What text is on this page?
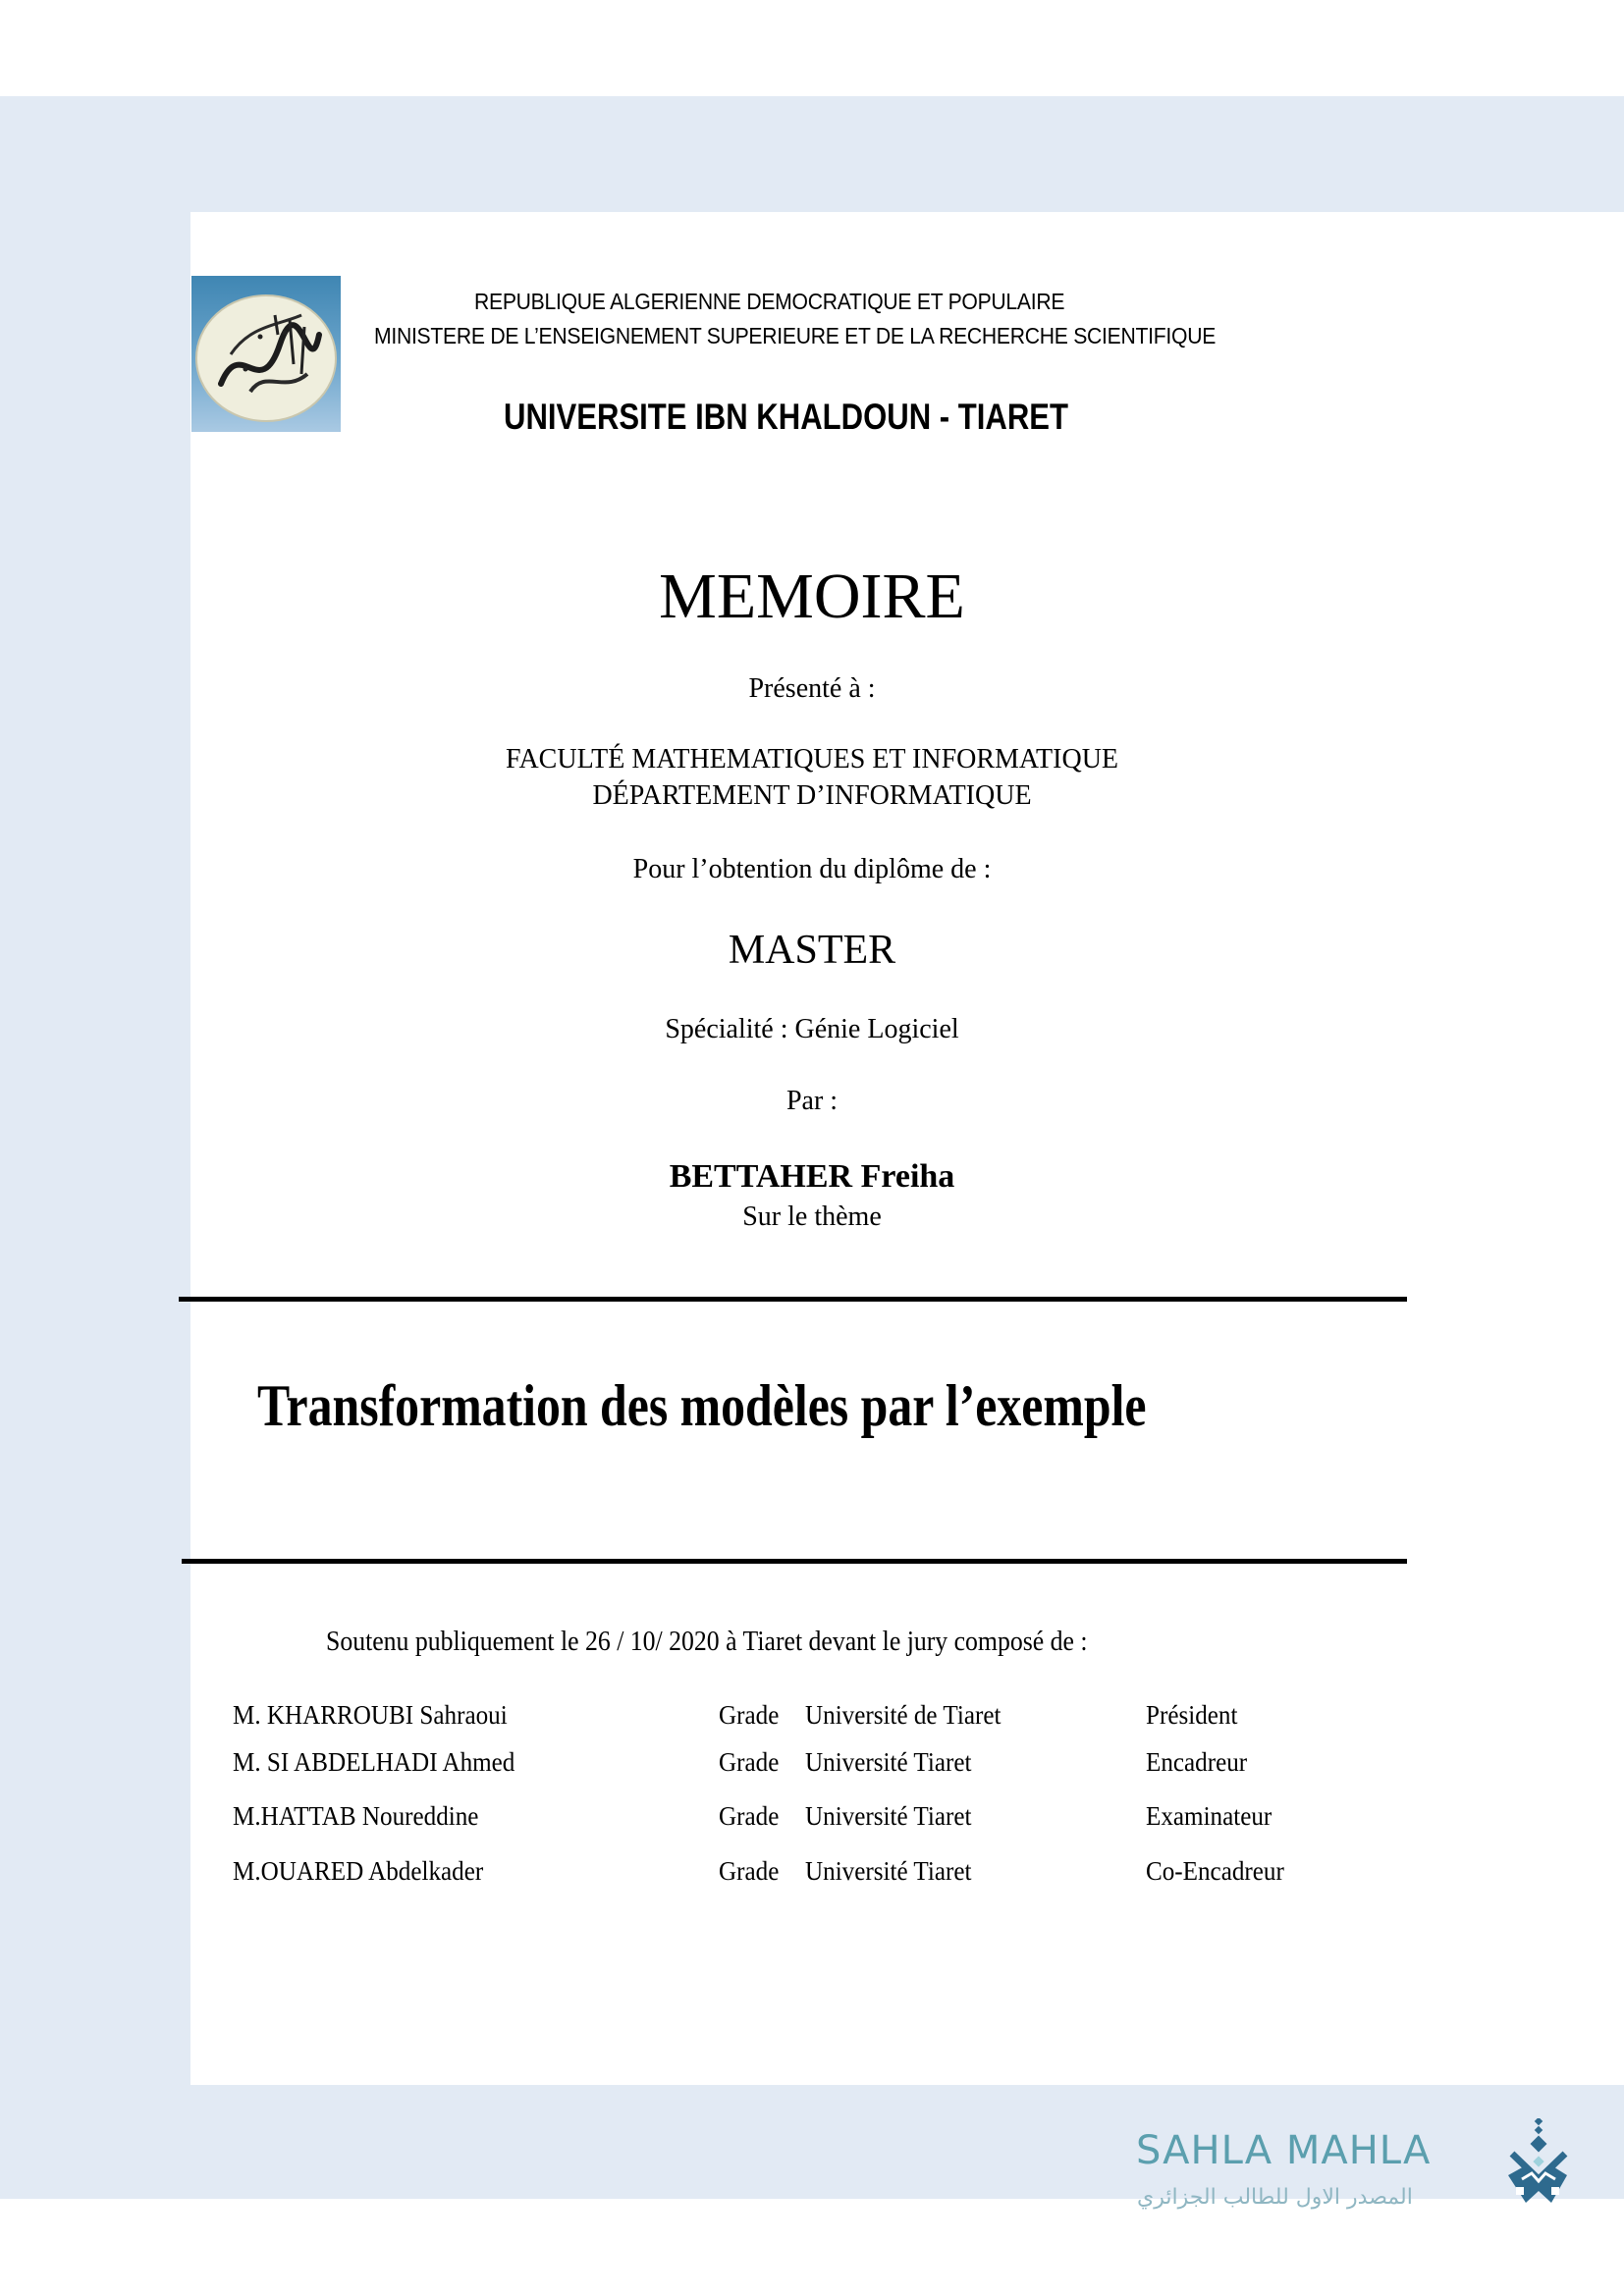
REPUBLIQUE ALGERIENNE DEMOCRATIQUE ET POPULAIRE
MINISTERE DE L’ENSEIGNEMENT SUPERIEURE ET DE LA RECHERCHE SCIENTIFIQUE
UNIVERSITE IBN KHALDOUN - TIARET
MEMOIRE
Présenté à :
FACULTÉ MATHEMATIQUES ET INFORMATIQUE
DÉPARTEMENT D’INFORMATIQUE
Pour l’obtention du diplôme de :
MASTER
Spécialité : Génie Logiciel
Par :
BETTAHER Freiha
Sur le thème
Transformation des modèles par l’exemple
Soutenu publiquement le 26 / 10/ 2020 à Tiaret devant le jury composé de :
M. KHARROUBI Sahraoui	Grade Université de Tiaret	Président
M. SI ABDELHADI Ahmed	Grade Université Tiaret	Encadreur
M.HATTAB Noureddine	Grade Université Tiaret	Examinateur
M.OUARED Abdelkader	Grade Université Tiaret	Co-Encadreur
SAHLA MAHLA
المصدر الاول للطالب الجزائري
